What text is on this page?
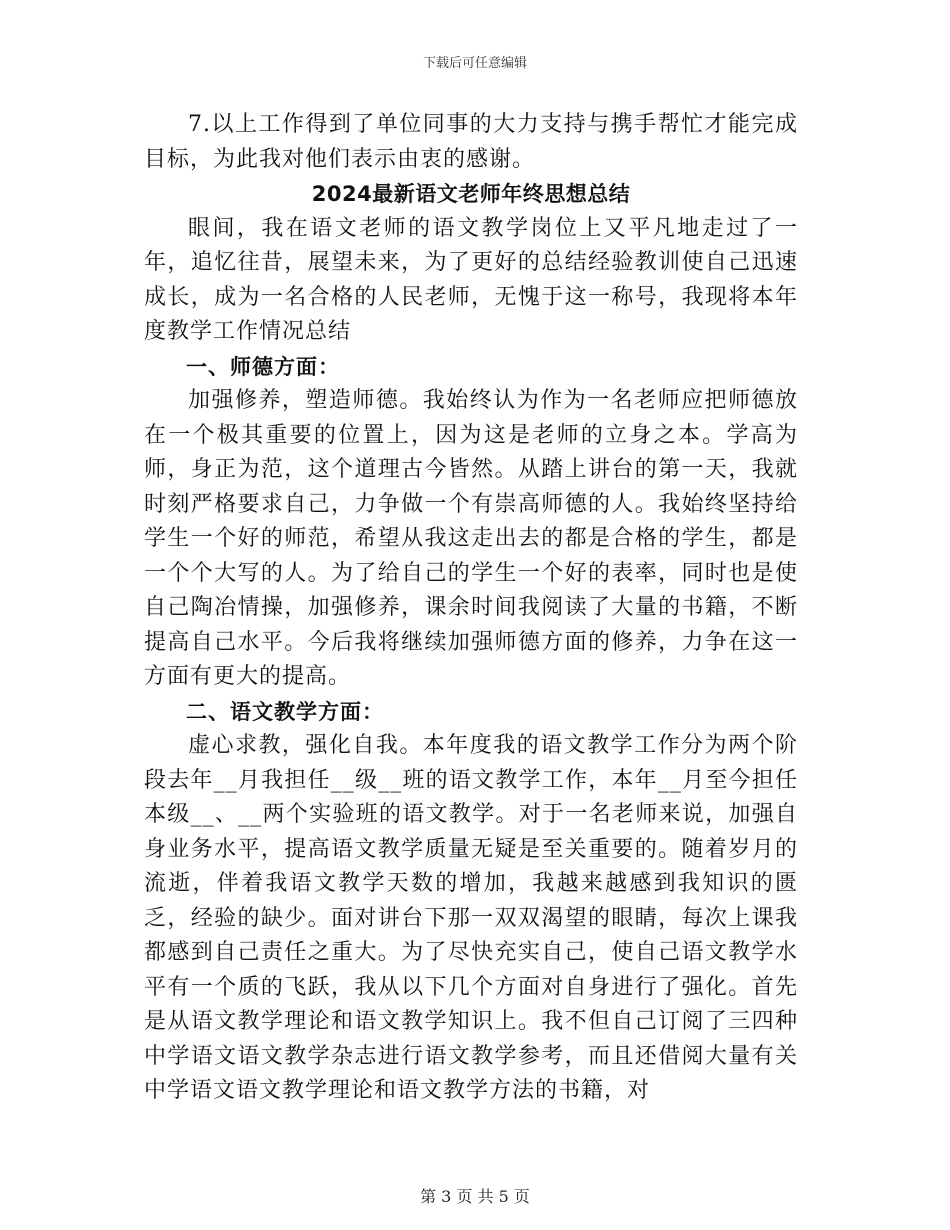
下载后可任意编辑

7.以上工作得到了单位同事的大力支持与携手帮忙才能完成目标，为此我对他们表示由衷的感谢。

2024最新语文老师年终思想总结

眼间，我在语文老师的语文教学岗位上又平凡地走过了一年，追忆往昔，展望未来，为了更好的总结经验教训使自己迅速成长，成为一名合格的人民老师，无愧于这一称号，我现将本年度教学工作情况总结

一、师德方面：

加强修养，塑造师德。我始终认为作为一名老师应把师德放在一个极其重要的位置上，因为这是老师的立身之本。学高为师，身正为范，这个道理古今皆然。从踏上讲台的第一天，我就时刻严格要求自己，力争做一个有崇高师德的人。我始终坚持给学生一个好的师范，希望从我这走出去的都是合格的学生，都是一个个大写的人。为了给自己的学生一个好的表率，同时也是使自己陶冶情操，加强修养，课余时间我阅读了大量的书籍，不断提高自己水平。今后我将继续加强师德方面的修养，力争在这一方面有更大的提高。

二、语文教学方面：

虚心求教，强化自我。本年度我的语文教学工作分为两个阶段去年__月我担任__级__班的语文教学工作，本年__月至今担任本级__、__两个实验班的语文教学。对于一名老师来说，加强自身业务水平，提高语文教学质量无疑是至关重要的。随着岁月的流逝，伴着我语文教学天数的增加，我越来越感到我知识的匮乏，经验的缺少。面对讲台下那一双双渴望的眼睛，每次上课我都感到自己责任之重大。为了尽快充实自己，使自己语文教学水平有一个质的飞跃，我从以下几个方面对自身进行了强化。首先是从语文教学理论和语文教学知识上。我不但自己订阅了三四种中学语文语文教学杂志进行语文教学参考，而且还借阅大量有关中学语文语文教学理论和语文教学方法的书籍，对

第 3 页 共 5 页
